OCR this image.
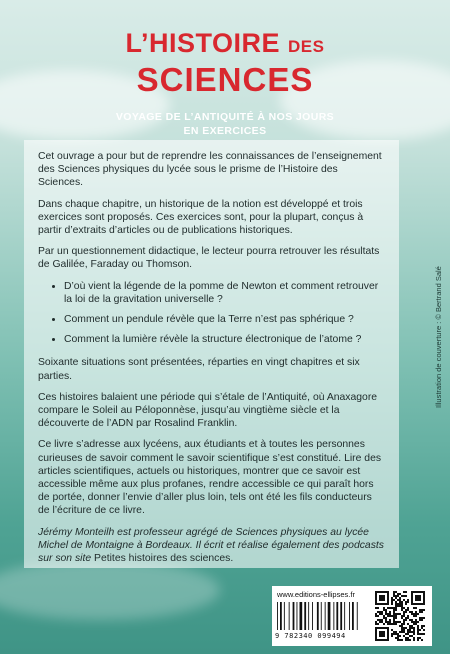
L’HISTOIRE DES
SCIENCES
VOYAGE DE L’ANTIQUITÉ À NOS JOURS
EN EXERCICES

Cet ouvrage a pour but de reprendre les connaissances de l’enseignement des Sciences physiques du lycée sous le prisme de l’Histoire des Sciences.

Dans chaque chapitre, un historique de la notion est développé et trois exercices sont proposés. Ces exercices sont, pour la plupart, conçus à partir d’extraits d’articles ou de publications historiques.

Par un questionnement didactique, le lecteur pourra retrouver les résultats de Galilée, Faraday ou Thomson.

• D’où vient la légende de la pomme de Newton et comment retrouver la loi de la gravitation universelle ?
• Comment un pendule révèle que la Terre n’est pas sphérique ?
• Comment la lumière révèle la structure électronique de l’atome ?

Soixante situations sont présentées, réparties en vingt chapitres et six parties.

Ces histoires balaient une période qui s’étale de l’Antiquité, où Anaxagore compare le Soleil au Péloponnèse, jusqu’au vingtième siècle et la découverte de l’ADN par Rosalind Franklin.

Ce livre s’adresse aux lycéens, aux étudiants et à toutes les personnes curieuses de savoir comment le savoir scientifique s’est constitué. Lire des articles scientifiques, actuels ou historiques, montrer que ce savoir est accessible même aux plus profanes, rendre accessible ce qui paraît hors de portée, donner l’envie d’aller plus loin, tels ont été les fils conducteurs de l’écriture de ce livre.

Jérémy Monteilh est professeur agrégé de Sciences physiques au lycée Michel de Montaigne à Bordeaux. Il écrit et réalise également des podcasts sur son site Petites histoires des sciences.

Illustration de couverture : © Bertrand Salé
www.editions-ellipses.fr
9 782340 099494
